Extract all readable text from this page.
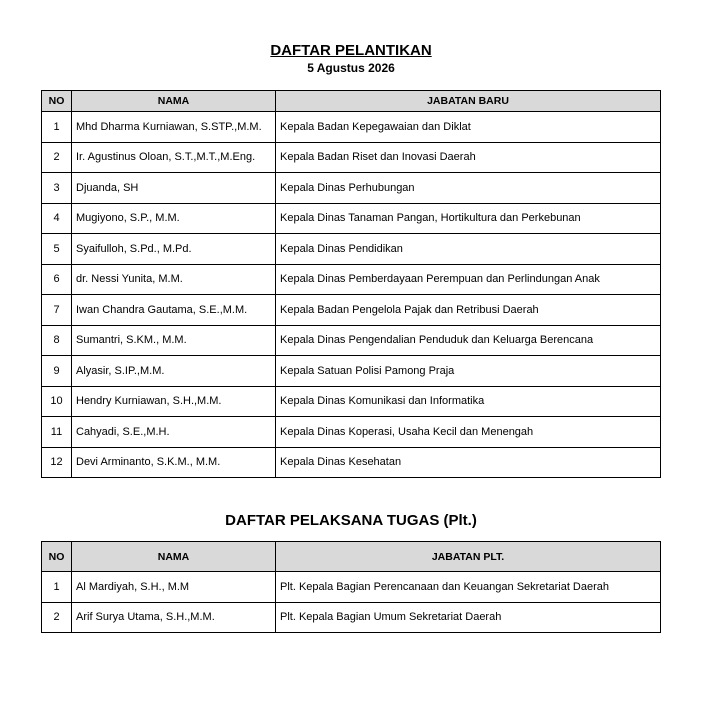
DAFTAR PELANTIKAN
5 Agustus 2026
NO	NAMA	JABATAN BARU
1	Mhd Dharma Kurniawan, S.STP.,M.M.	Kepala Badan Kepegawaian dan Diklat
2	Ir. Agustinus Oloan, S.T.,M.T.,M.Eng.	Kepala Badan Riset dan Inovasi Daerah
3	Djuanda, SH	Kepala Dinas Perhubungan
4	Mugiyono, S.P., M.M.	Kepala Dinas Tanaman Pangan, Hortikultura dan Perkebunan
5	Syaifulloh, S.Pd., M.Pd.	Kepala Dinas Pendidikan
6	dr. Nessi Yunita, M.M.	Kepala Dinas Pemberdayaan Perempuan dan Perlindungan Anak
7	Iwan Chandra Gautama, S.E.,M.M.	Kepala Badan Pengelola Pajak dan Retribusi Daerah
8	Sumantri, S.KM., M.M.	Kepala Dinas Pengendalian Penduduk dan Keluarga Berencana
9	Alyasir, S.IP.,M.M.	Kepala Satuan Polisi Pamong Praja
10	Hendry Kurniawan, S.H.,M.M.	Kepala Dinas Komunikasi dan Informatika
11	Cahyadi, S.E.,M.H.	Kepala Dinas Koperasi, Usaha Kecil dan Menengah
12	Devi Arminanto, S.K.M., M.M.	Kepala Dinas Kesehatan
DAFTAR PELAKSANA TUGAS (Plt.)
NO	NAMA	JABATAN PLT.
1	Al Mardiyah, S.H., M.M	Plt. Kepala Bagian Perencanaan dan Keuangan Sekretariat Daerah
2	Arif Surya Utama, S.H.,M.M.	Plt. Kepala Bagian Umum Sekretariat Daerah
